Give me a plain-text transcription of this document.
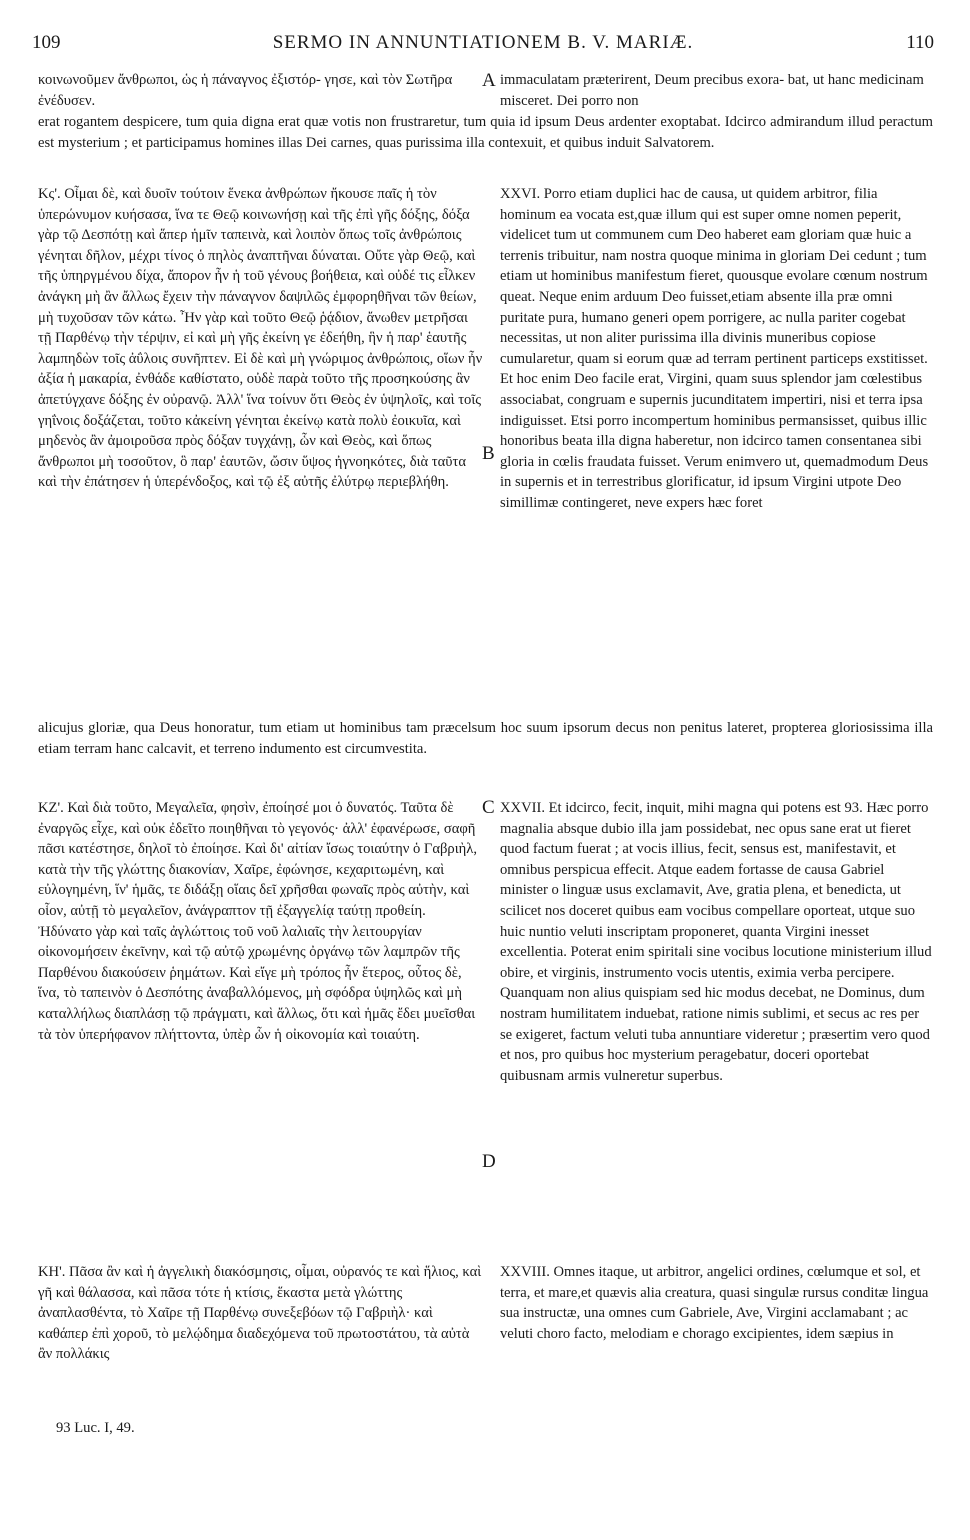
109	SERMO IN ANNUNTIATIONEM B. V. MARIÆ.	110

κοινωνοῦμεν ἄνθρωποι, ὡς ἡ πάναγνος ἐξιστόρ- γησε, καὶ τὸν Σωτῆρα ἐνέδυσεν.

A immaculatam præterirent, Deum precibus exora- bat, ut hanc medicinam misceret. Dei porro non

erat rogantem despicere, tum quia digna erat quæ votis non frustraretur, tum quia id ipsum Deus ardenter exoptabat. Idcirco admirandum illud peractum est mysterium ; et participamus homines illas Dei carnes, quas purissima illa contexuit, et quibus induit Salvatorem.

Κς'. Οἶμαι δὲ, καὶ δυοῖν τούτοιν ἕνεκα ἀνθρώπων ἤκουσε παῖς ἡ τὸν ὑπερώνυμον κυήσασα, ἵνα τε Θεῷ κοινωνήσῃ καὶ τῆς ἐπὶ γῆς δόξης, δόξα γὰρ τῷ Δεσπότῃ καὶ ἅπερ ἡμῖν ταπεινὰ, καὶ λοιπὸν ὅπως τοῖς ἀνθρώποις γένηται δῆλον, μέχρι τίνος ὁ πηλὸς ἀναπτῆναι δύναται. Οὔτε γὰρ Θεῷ, καὶ τῆς ὑπηργμένου δίχα, ἄπορον ἦν ἡ τοῦ γένους βοήθεια, καὶ οὐδέ τις εἶλκεν ἀνάγκη μὴ ἂν ἄλλως ἔχειν τὴν πάναγνον δαψιλῶς ἐμφορηθῆναι τῶν θείων, μὴ τυχοῦσαν τῶν κάτω. Ἦν γὰρ καὶ τοῦτο Θεῷ ῥᾴδιον, ἄνωθεν μετρῆσαι τῇ Παρθένῳ τὴν τέρψιν, εἰ καὶ μὴ γῆς ἐκείνη γε ἐδεήθη, ἣν ἡ παρ' ἑαυτῆς λαμπηδὼν τοῖς ἀΰλοις συνῆπτεν. Εἰ δὲ καὶ μὴ γνώριμος ἀνθρώποις, οἵων ἦν ἀξία ἡ μακαρία, ἐνθάδε καθίστατο, οὐδὲ παρὰ τοῦτο τῆς προσηκούσης ἂν ἀπετύγχανε δόξης ἐν οὐρανῷ. Ἀλλ' ἵνα τοίνυν ὅτι Θεὸς ἐν ὑψηλοῖς, καὶ τοῖς γηΐνοις δοξάζεται, τοῦτο κἀκείνη γένηται ἐκείνῳ κατὰ πολὺ ἐοικυῖα, καὶ μηδενὸς ἂν ἀμοιροῦσα πρὸς δόξαν τυγχάνῃ, ὧν καὶ Θεὸς, καὶ ὅπως ἄνθρωποι μὴ τοσοῦτον, ὃ παρ' ἑαυτῶν, ὤσιν ὕψος ἠγνοηκότες, διὰ ταῦτα καὶ τὴν ἐπάτησεν ἡ ὑπερένδοξος, καὶ τῷ ἐξ αὐτῆς ἐλύτρῳ περιεβλήθη.

B

XXVI. Porro etiam duplici hac de causa, ut quidem arbitror, filia hominum ea vocata est,quæ illum qui est super omne nomen peperit, videlicet tum ut communem cum Deo haberet eam gloriam quæ huic a terrenis tribuitur, nam nostra quoque minima in gloriam Dei cedunt ; tum etiam ut hominibus manifestum fieret, quousque evolare cœnum nostrum queat. Neque enim arduum Deo fuisset,etiam absente illa præ omni puritate pura, humano generi opem porrigere, ac nulla pariter cogebat necessitas, ut non aliter purissima illa divinis muneribus copiose cumularetur, quam si eorum quæ ad terram pertinent particeps exstitisset. Et hoc enim Deo facile erat, Virgini, quam suus splendor jam cœlestibus associabat, congruam e supernis jucunditatem impertiri, nisi et terra ipsa indiguisset. Etsi porro incompertum hominibus permansisset, quibus illic honoribus beata illa digna haberetur, non idcirco tamen consentanea sibi gloria in cœlis fraudata fuisset. Verum enimvero ut, quemadmodum Deus in supernis et in terrestribus glorificatur, id ipsum Virgini utpote Deo simillimæ contingeret, neve expers hæc foret

alicujus gloriæ, qua Deus honoratur, tum etiam ut hominibus tam præcelsum hoc suum ipsorum decus non penitus lateret, propterea gloriosissima illa etiam terram hanc calcavit, et terreno indumento est circumvestita.

ΚΖ'. Καὶ διὰ τοῦτο, Μεγαλεῖα, φησὶν, ἐποίησέ μοι ὁ δυνατός. Ταῦτα δὲ ἐναργῶς εἶχε, καὶ οὐκ ἐδεῖτο ποιηθῆναι τὸ γεγονός· ἀλλ' ἐφανέρωσε, σαφῆ πᾶσι κατέστησε, δηλοῖ τὸ ἐποίησε. Καὶ δι' αἰτίαν ἴσως τοιαύτην ὁ Γαβριὴλ, κατὰ τὴν τῆς γλώττης διακονίαν, Χαῖρε, ἐφώνησε, κεχαριτωμένη, καὶ εὐλογημένη, ἵν' ἡμᾶς, τε διδάξῃ οἵαις δεῖ χρῆσθαι φωναῖς πρὸς αὐτὴν, καὶ οἷον, αὐτῇ τὸ μεγαλεῖον, ἀνάγραπτον τῇ ἐξαγγελίᾳ ταύτῃ προθείη. Ἠδύνατο γὰρ καὶ ταῖς ἀγλώττοις τοῦ νοῦ λαλιαῖς τὴν λειτουργίαν οἰκονομήσειν ἐκεῖνην, καὶ τῷ αὐτῷ χρωμένης ὀργάνῳ τῶν λαμπρῶν τῆς Παρθένου διακούσειν ῥημάτων. Καὶ εἴγε μὴ τρόπος ἦν ἕτερος, οὗτος δὲ, ἵνα, τὸ ταπεινὸν ὁ Δεσπότης ἀναβαλλόμενος, μὴ σφόδρα ὑψηλῶς καὶ μὴ καταλλήλως διαπλάσῃ τῷ πράγματι, καὶ ἄλλως, ὅτι καὶ ἡμᾶς ἔδει μυεῖσθαι τὰ τὸν ὑπερήφανον πλήττοντα, ὑπὲρ ὧν ἡ οἰκονομία καὶ τοιαύτη.

C
D

XXVII. Et idcirco, fecit, inquit, mihi magna qui potens est 93. Hæc porro magnalia absque dubio illa jam possidebat, nec opus sane erat ut fieret quod factum fuerat ; at vocis illius, fecit, sensus est, manifestavit, et omnibus perspicua effecit. Atque eadem fortasse de causa Gabriel minister o linguæ usus exclamavit, Ave, gratia plena, et benedicta, ut scilicet nos doceret quibus eam vocibus compellare oporteat, utque suo huic nuntio veluti inscriptam proponeret, quanta Virgini inesset excellentia. Poterat enim spiritali sine vocibus locutione ministerium illud obire, et virginis, instrumento vocis utentis, eximia verba percipere. Quanquam non alius quispiam sed hic modus decebat, ne Dominus, dum nostram humilitatem induebat, ratione nimis sublimi, et secus ac res per se exigeret, factum veluti tuba annuntiare videretur ; præsertim vero quod et nos, pro quibus hoc mysterium peragebatur, doceri oportebat quibusnam armis vulneretur superbus.

ΚΗ'. Πᾶσα ἂν καὶ ἡ ἀγγελικὴ διακόσμησις, οἶμαι, οὐρανός τε καὶ ἥλιος, καὶ γῆ καὶ θάλασσα, καὶ πᾶσα τότε ἡ κτίσις, ἕκαστα μετὰ γλώττης ἀναπλασθέντα, τὸ Χαῖρε τῇ Παρθένῳ συνεξεβόων τῷ Γαβριὴλ· καὶ καθάπερ ἐπὶ χοροῦ, τὸ μελῴδημα διαδεχόμενα τοῦ πρωτοστάτου, τὰ αὐτὰ ἂν πολλάκις

XXVIII. Omnes itaque, ut arbitror, angelici ordines, cœlumque et sol, et terra, et mare,et quævis alia creatura, quasi singulæ rursus conditæ lingua sua instructæ, una omnes cum Gabriele, Ave, Virgini acclamabant ; ac veluti choro facto, melodiam e chorago excipientes, idem sæpius in

93 Luc. I, 49.
